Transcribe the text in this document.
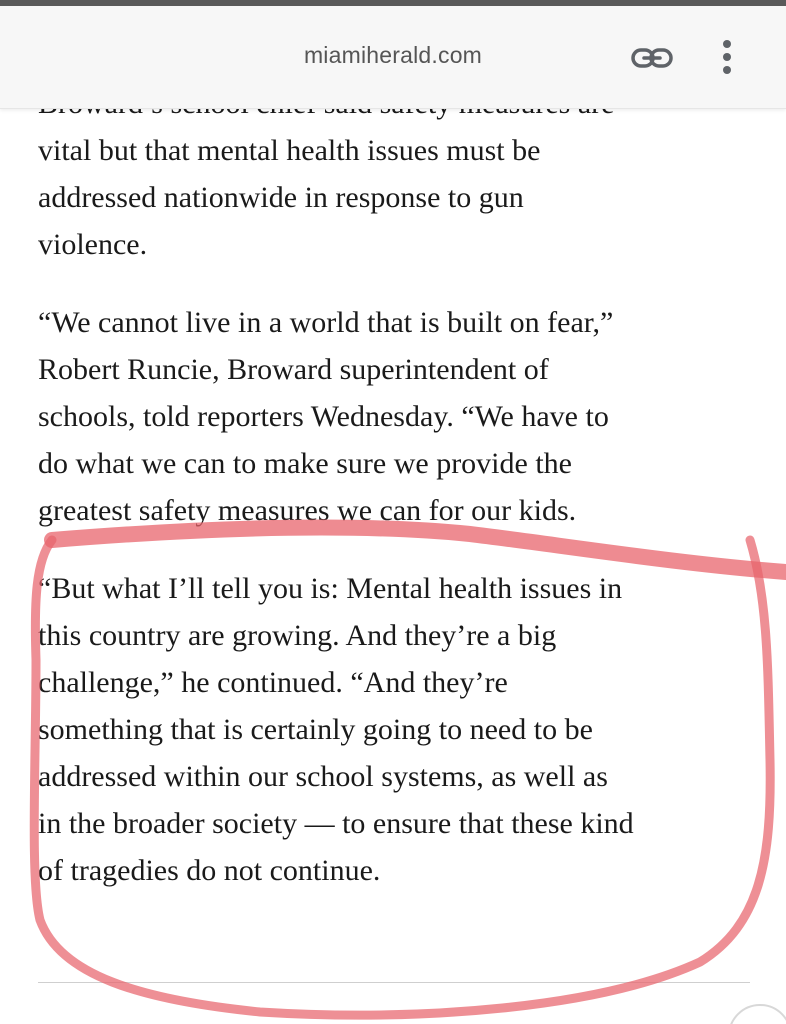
miamiherald.com

vital but that mental health issues must be
addressed nationwide in response to gun
violence.

“We cannot live in a world that is built on fear,”
Robert Runcie, Broward superintendent of
schools, told reporters Wednesday. “We have to
do what we can to make sure we provide the
greatest safety measures we can for our kids.

“But what I’ll tell you is: Mental health issues in
this country are growing. And they’re a big
challenge,” he continued. “And they’re
something that is certainly going to need to be
addressed within our school systems, as well as
in the broader society — to ensure that these kind
of tragedies do not continue.
